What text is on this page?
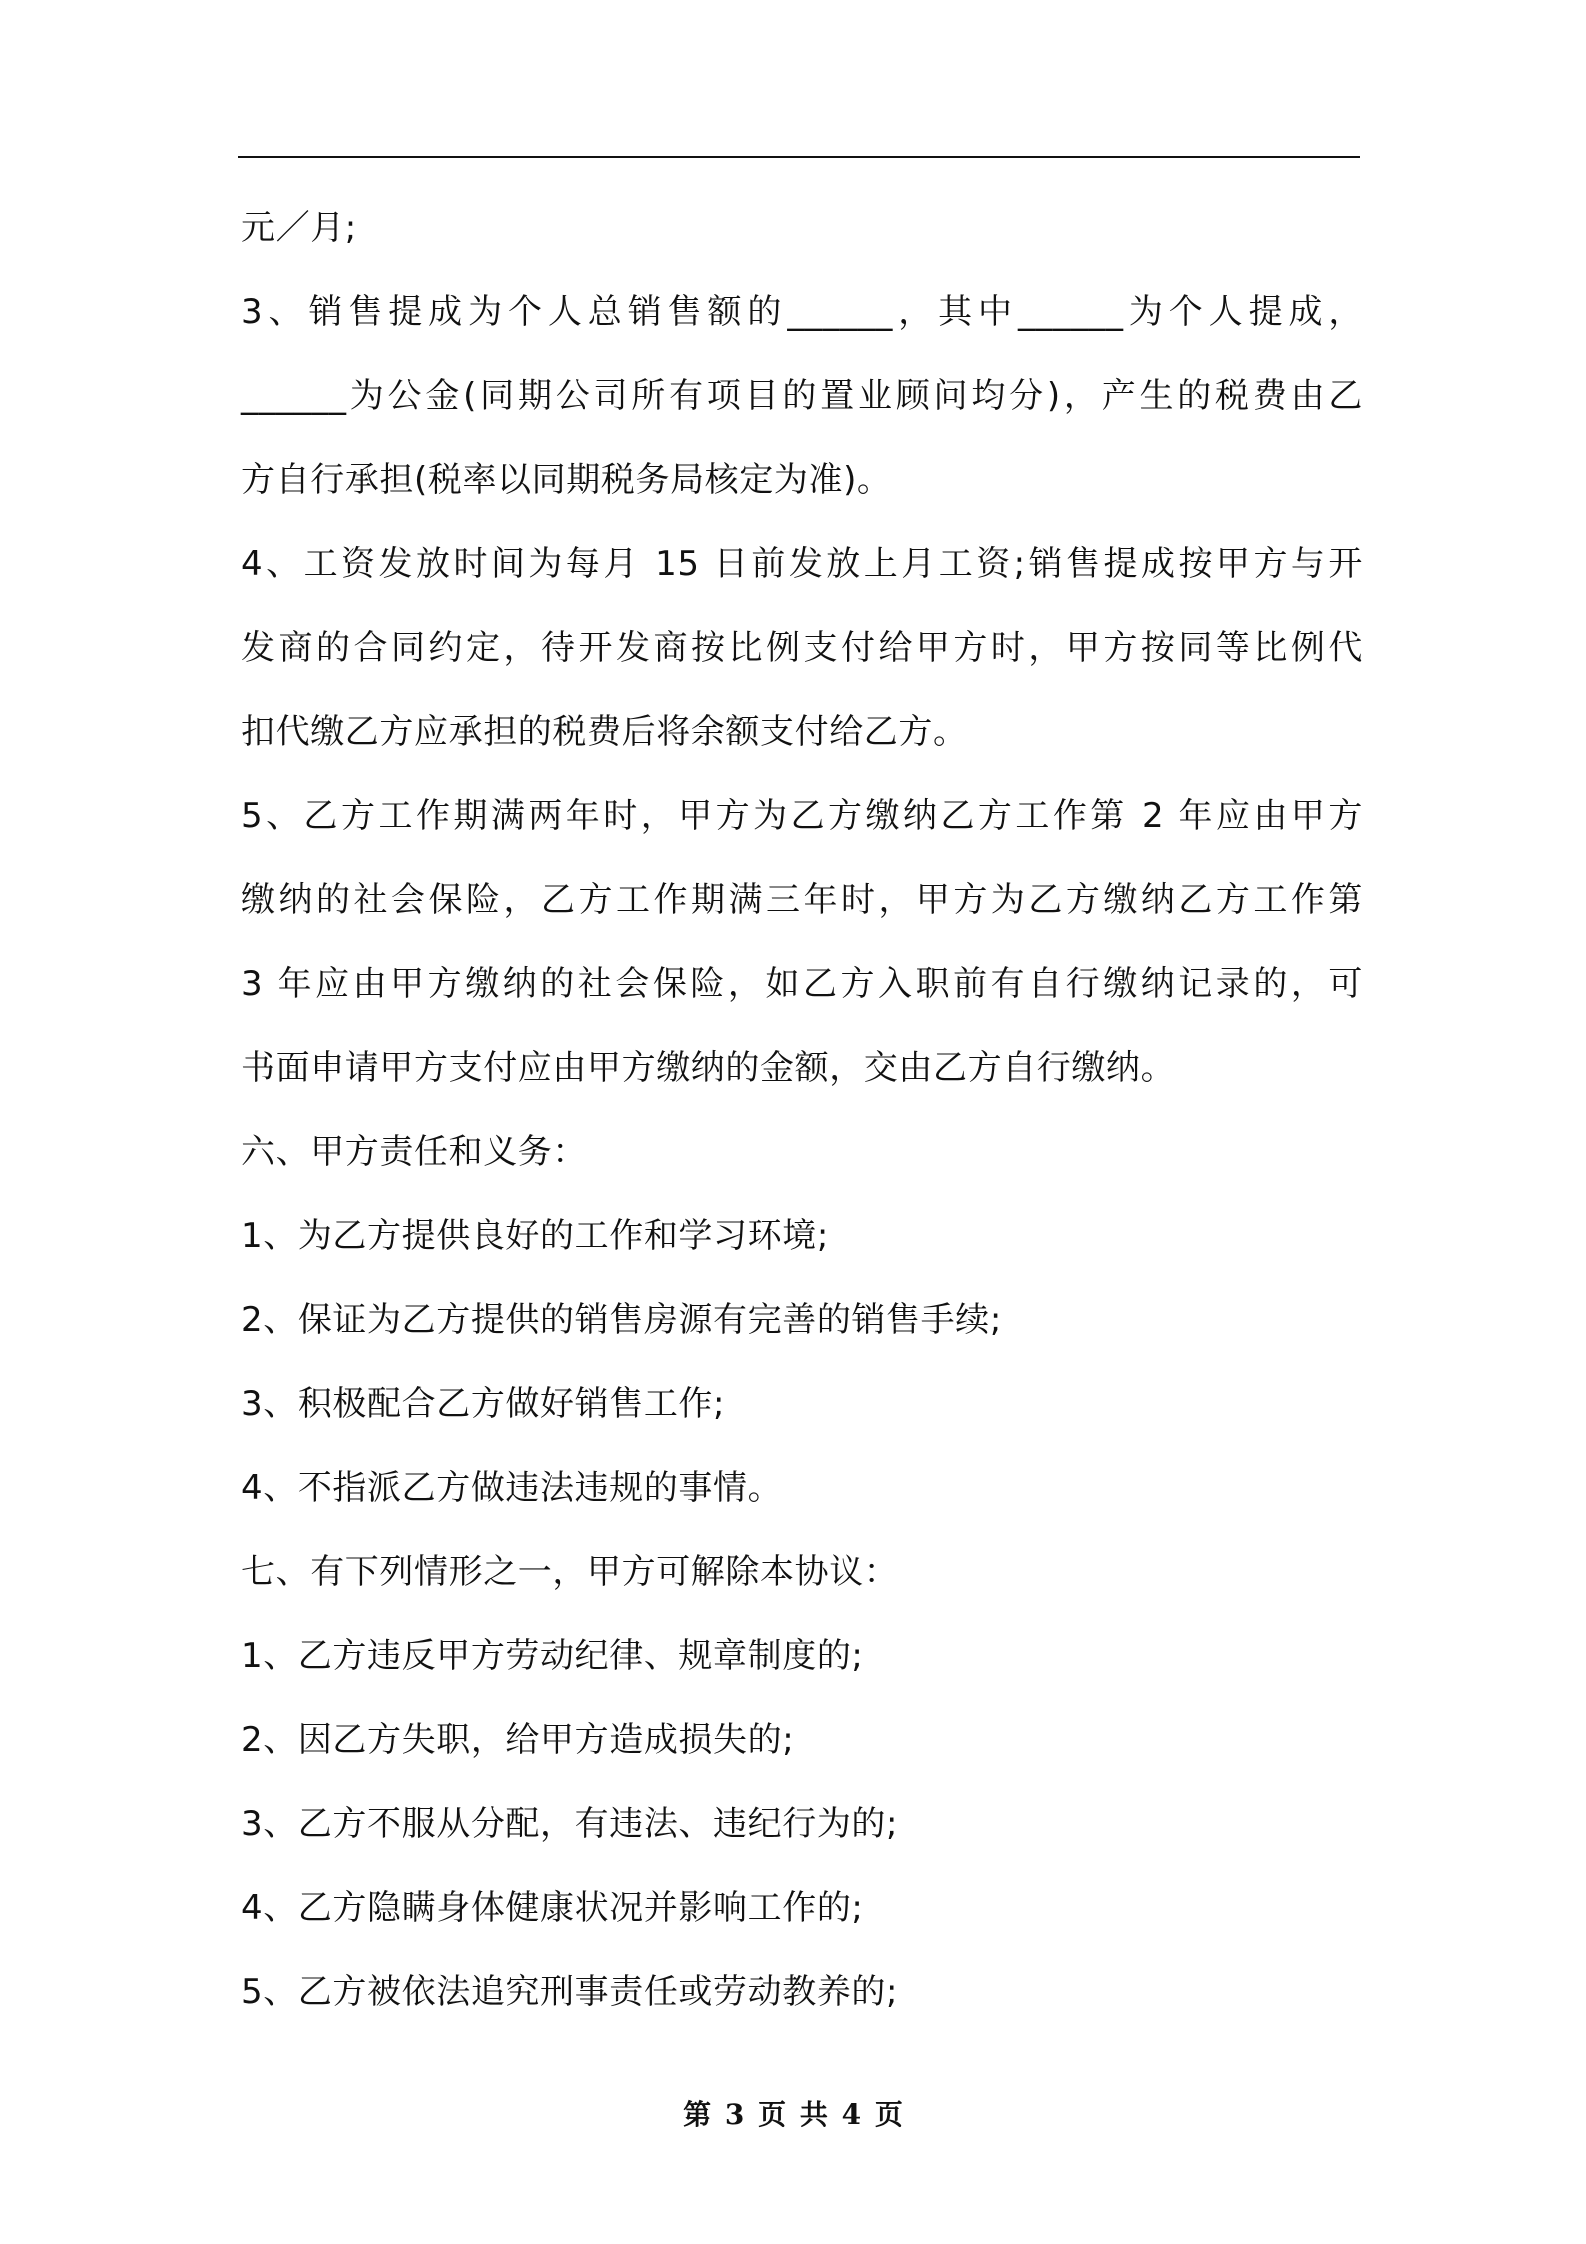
元／月;
3、销售提成为个人总销售额的______，其中______为个人提成，
______为公金(同期公司所有项目的置业顾问均分)，产生的税费由乙
方自行承担(税率以同期税务局核定为准)。
4、工资发放时间为每月 15 日前发放上月工资;销售提成按甲方与开
发商的合同约定，待开发商按比例支付给甲方时，甲方按同等比例代
扣代缴乙方应承担的税费后将余额支付给乙方。
5、乙方工作期满两年时，甲方为乙方缴纳乙方工作第 2 年应由甲方
缴纳的社会保险，乙方工作期满三年时，甲方为乙方缴纳乙方工作第
3 年应由甲方缴纳的社会保险，如乙方入职前有自行缴纳记录的，可
书面申请甲方支付应由甲方缴纳的金额，交由乙方自行缴纳。
六、甲方责任和义务：
1、为乙方提供良好的工作和学习环境;
2、保证为乙方提供的销售房源有完善的销售手续;
3、积极配合乙方做好销售工作;
4、不指派乙方做违法违规的事情。
七、有下列情形之一，甲方可解除本协议：
1、乙方违反甲方劳动纪律、规章制度的;
2、因乙方失职，给甲方造成损失的;
3、乙方不服从分配，有违法、违纪行为的;
4、乙方隐瞒身体健康状况并影响工作的;
5、乙方被依法追究刑事责任或劳动教养的;
第 3 页 共 4 页
